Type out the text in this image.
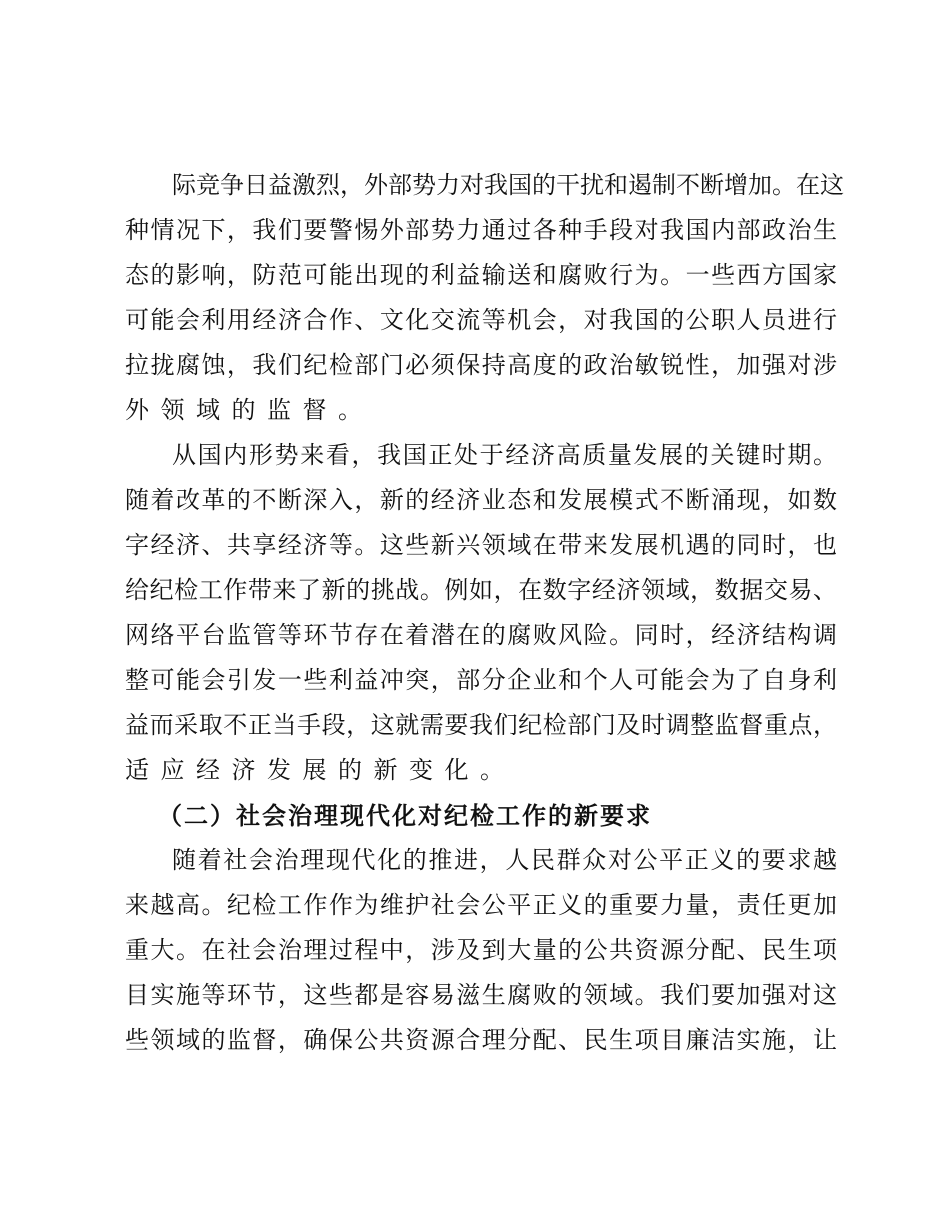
际竞争日益激烈，外部势力对我国的干扰和遏制不断增加。在这
种情况下，我们要警惕外部势力通过各种手段对我国内部政治生
态的影响，防范可能出现的利益输送和腐败行为。一些西方国家
可能会利用经济合作、文化交流等机会，对我国的公职人员进行
拉拢腐蚀，我们纪检部门必须保持高度的政治敏锐性，加强对涉
外领域的监督。
从国内形势来看，我国正处于经济高质量发展的关键时期。
随着改革的不断深入，新的经济业态和发展模式不断涌现，如数
字经济、共享经济等。这些新兴领域在带来发展机遇的同时，也
给纪检工作带来了新的挑战。例如，在数字经济领域，数据交易、
网络平台监管等环节存在着潜在的腐败风险。同时，经济结构调
整可能会引发一些利益冲突，部分企业和个人可能会为了自身利
益而采取不正当手段，这就需要我们纪检部门及时调整监督重点，
适应经济发展的新变化。
（二）社会治理现代化对纪检工作的新要求
随着社会治理现代化的推进，人民群众对公平正义的要求越
来越高。纪检工作作为维护社会公平正义的重要力量，责任更加
重大。在社会治理过程中，涉及到大量的公共资源分配、民生项
目实施等环节，这些都是容易滋生腐败的领域。我们要加强对这
些领域的监督，确保公共资源合理分配、民生项目廉洁实施，让
